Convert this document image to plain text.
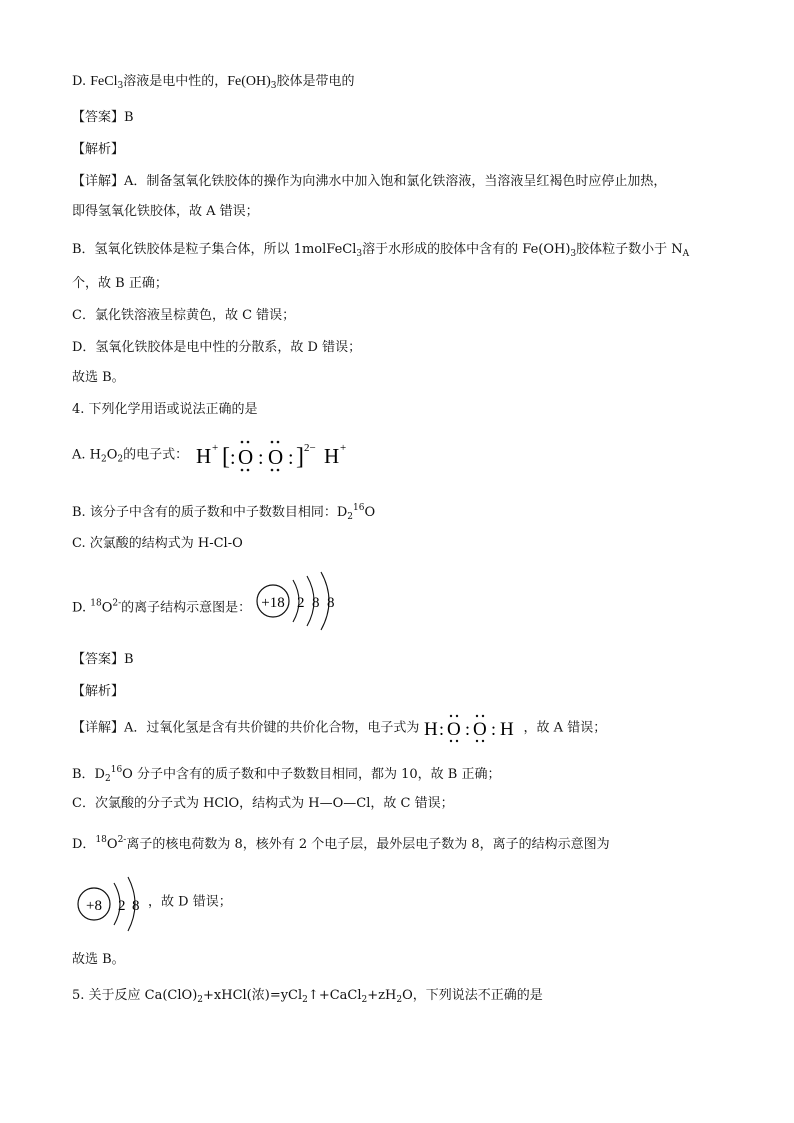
D. FeCl$_3$溶液是电中性的，$Fe(OH)_3$胶体是带电的
【答案】B
【解析】
【详解】A．制备氢氧化铁胶体的操作为向沸水中加入饱和氯化铁溶液，当溶液呈红褐色时应停止加热，
即得氢氧化铁胶体，故 A 错误；
B．氢氧化铁胶体是粒子集合体，所以 1molFeCl$_3$溶于水形成的胶体中含有的 $Fe(OH)_3$胶体粒子数小于 $N_A$
个，故 B 正确；
C．氯化铁溶液呈棕黄色，故 C 错误；
D．氢氧化铁胶体是电中性的分散系，故 D 错误；
故选 B。
4. 下列化学用语或说法正确的是
A. $H_2O_2$的电子式： H + [ : O : O : ] 2− H +
B. 该分子中含有的质子数和中子数数目相同：$D_2^{16}O$
C. 次氯酸的结构式为 H-Cl-O
D. $^{18}O^{2-}$的离子结构示意图是： +18 2 8 8
【答案】B
【解析】
【详解】A．过氧化氢是含有共价键的共价化合物，电子式为 H : O : O : H ，故 A 错误；
B．$D_2^{16}O$ 分子中含有的质子数和中子数数目相同，都为 10，故 B 正确；
C．次氯酸的分子式为 HClO，结构式为 H—O—Cl，故 C 错误；
D．$^{18}O^{2-}$离子的核电荷数为 8，核外有 2 个电子层，最外层电子数为 8，离子的结构示意图为
+8 2 8 ，故 D 错误；
故选 B。
5. 关于反应 $Ca(ClO)_2+xHCl$(浓)$=yCl_2↑+CaCl_2+zH_2O$，下列说法不正确的是
